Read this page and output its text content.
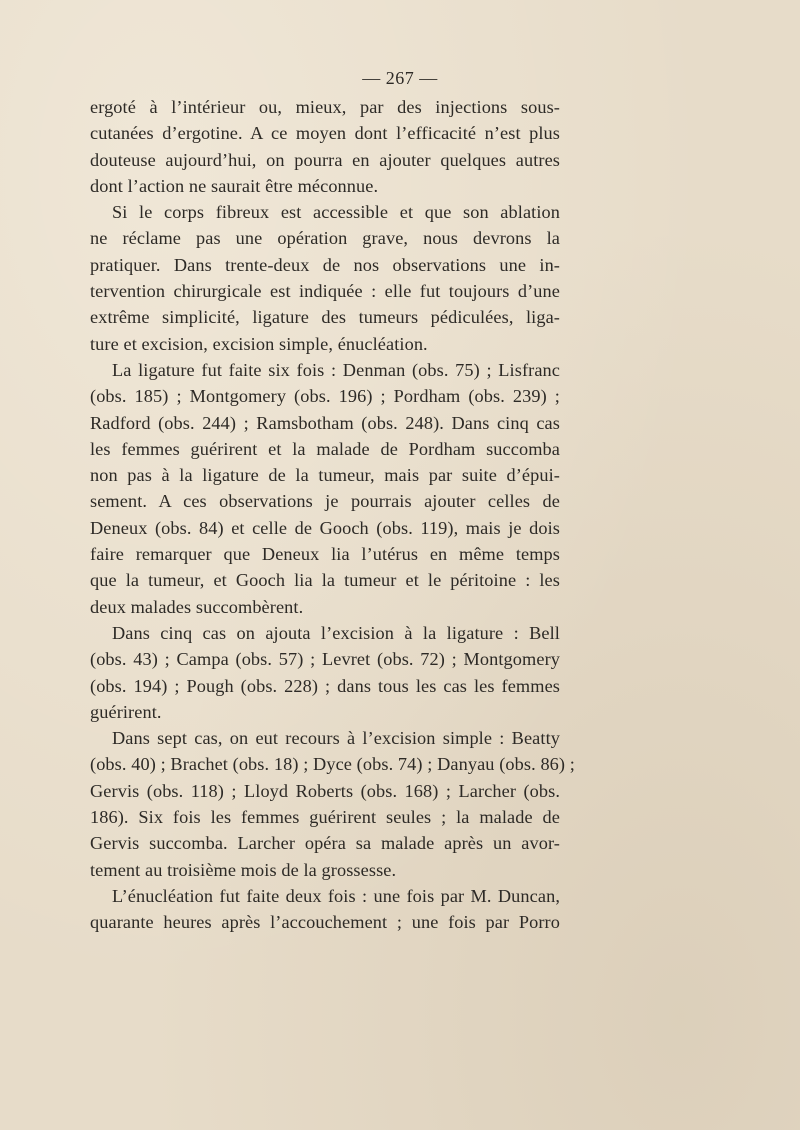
— 267 —
ergoté à l’intérieur ou, mieux, par des injections sous-
cutanées d’ergotine. A ce moyen dont l’efficacité n’est plus
douteuse aujourd’hui, on pourra en ajouter quelques autres
dont l’action ne saurait être méconnue.
Si le corps fibreux est accessible et que son ablation
ne réclame pas une opération grave, nous devrons la
pratiquer. Dans trente-deux de nos observations une in-
tervention chirurgicale est indiquée : elle fut toujours d’une
extrême simplicité, ligature des tumeurs pédiculées, liga-
ture et excision, excision simple, énucléation.
La ligature fut faite six fois : Denman (obs. 75) ; Lisfranc
(obs. 185) ; Montgomery (obs. 196) ; Pordham (obs. 239) ;
Radford (obs. 244) ; Ramsbotham (obs. 248). Dans cinq cas
les femmes guérirent et la malade de Pordham succomba
non pas à la ligature de la tumeur, mais par suite d’épui-
sement. A ces observations je pourrais ajouter celles de
Deneux (obs. 84) et celle de Gooch (obs. 119), mais je dois
faire remarquer que Deneux lia l’utérus en même temps
que la tumeur, et Gooch lia la tumeur et le péritoine : les
deux malades succombèrent.
Dans cinq cas on ajouta l’excision à la ligature : Bell
(obs. 43) ; Campa (obs. 57) ; Levret (obs. 72) ; Montgomery
(obs. 194) ; Pough (obs. 228) ; dans tous les cas les femmes
guérirent.
Dans sept cas, on eut recours à l’excision simple : Beatty
(obs. 40) ; Brachet (obs. 18) ; Dyce (obs. 74) ; Danyau (obs. 86) ;
Gervis (obs. 118) ; Lloyd Roberts (obs. 168) ; Larcher (obs.
186). Six fois les femmes guérirent seules ; la malade de
Gervis succomba. Larcher opéra sa malade après un avor-
tement au troisième mois de la grossesse.
L’énucléation fut faite deux fois : une fois par M. Duncan,
quarante heures après l’accouchement ; une fois par Porro
